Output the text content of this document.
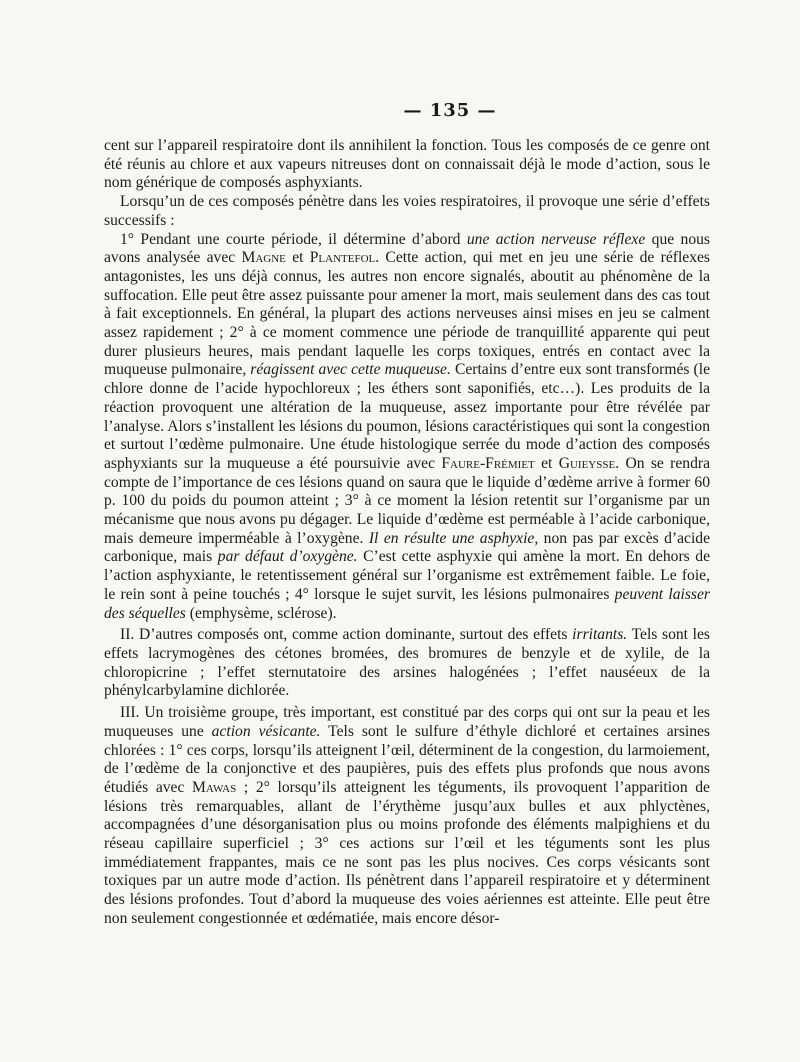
— 135 —

cent sur l’appareil respiratoire dont ils annihilent la fonction. Tous les composés de ce genre ont été réunis au chlore et aux vapeurs nitreuses dont on connaissait déjà le mode d’action, sous le nom générique de composés asphyxiants.

Lorsqu’un de ces composés pénètre dans les voies respiratoires, il provoque une série d’effets successifs :

1° Pendant une courte période, il détermine d’abord une action nerveuse réflexe que nous avons analysée avec Magne et Plantefol. Cette action, qui met en jeu une série de réflexes antagonistes, les uns déjà connus, les autres non encore signalés, aboutit au phénomène de la suffocation. Elle peut être assez puissante pour amener la mort, mais seulement dans des cas tout à fait exceptionnels. En général, la plupart des actions nerveuses ainsi mises en jeu se calment assez rapidement ; 2° à ce moment commence une période de tranquillité apparente qui peut durer plusieurs heures, mais pendant laquelle les corps toxiques, entrés en contact avec la muqueuse pulmonaire, réagissent avec cette muqueuse. Certains d’entre eux sont transformés (le chlore donne de l’acide hypochloreux ; les éthers sont saponifiés, etc…). Les produits de la réaction provoquent une altération de la muqueuse, assez importante pour être révélée par l’analyse. Alors s’installent les lésions du poumon, lésions caractéristiques qui sont la congestion et surtout l’œdème pulmonaire. Une étude histologique serrée du mode d’action des composés asphyxiants sur la muqueuse a été poursuivie avec Faure-Frémiet et Guieysse. On se rendra compte de l’importance de ces lésions quand on saura que le liquide d’œdème arrive à former 60 p. 100 du poids du poumon atteint ; 3° à ce moment la lésion retentit sur l’organisme par un mécanisme que nous avons pu dégager. Le liquide d’œdème est perméable à l’acide carbonique, mais demeure imperméable à l’oxygène. Il en résulte une asphyxie, non pas par excès d’acide carbonique, mais par défaut d’oxygène. C’est cette asphyxie qui amène la mort. En dehors de l’action asphyxiante, le retentissement général sur l’organisme est extrêmement faible. Le foie, le rein sont à peine touchés ; 4° lorsque le sujet survit, les lésions pulmonaires peuvent laisser des séquelles (emphysème, sclérose).

II. D’autres composés ont, comme action dominante, surtout des effets irritants. Tels sont les effets lacrymogènes des cétones bromées, des bromures de benzyle et de xylile, de la chloropicrine ; l’effet sternutatoire des arsines halogénées ; l’effet nauséeux de la phénylcarbylamine dichlorée.

III. Un troisième groupe, très important, est constitué par des corps qui ont sur la peau et les muqueuses une action vésicante. Tels sont le sulfure d’éthyle dichloré et certaines arsines chlorées : 1° ces corps, lorsqu’ils atteignent l’œil, déterminent de la congestion, du larmoiement, de l’œdème de la conjonctive et des paupières, puis des effets plus profonds que nous avons étudiés avec Mawas ; 2° lorsqu’ils atteignent les téguments, ils provoquent l’apparition de lésions très remarquables, allant de l’érythème jusqu’aux bulles et aux phlyctènes, accompagnées d’une désorganisation plus ou moins profonde des éléments malpighiens et du réseau capillaire superficiel ; 3° ces actions sur l’œil et les téguments sont les plus immédiatement frappantes, mais ce ne sont pas les plus nocives. Ces corps vésicants sont toxiques par un autre mode d’action. Ils pénètrent dans l’appareil respiratoire et y déterminent des lésions profondes. Tout d’abord la muqueuse des voies aériennes est atteinte. Elle peut être non seulement congestionnée et œdématiée, mais encore désor-
